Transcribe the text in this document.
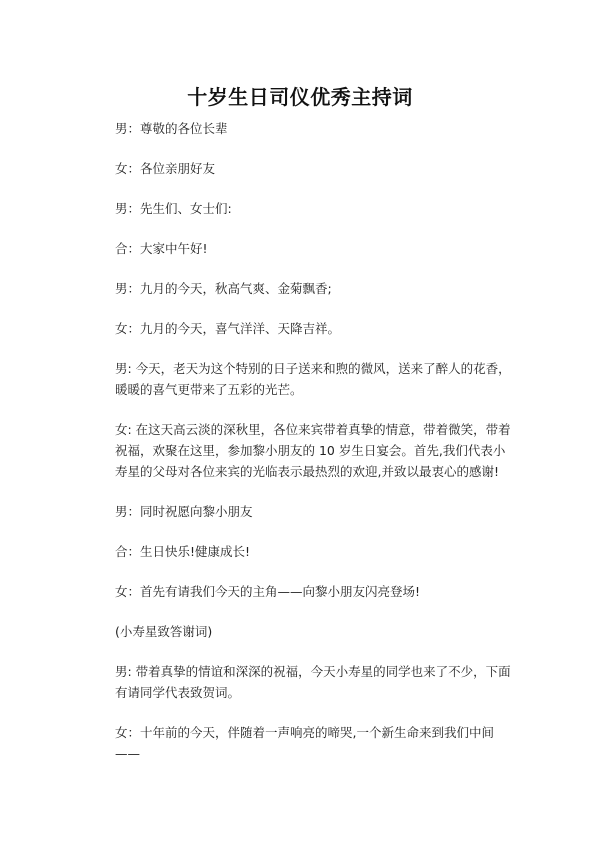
十岁生日司仪优秀主持词

男：尊敬的各位长辈

女：各位亲朋好友

男：先生们、女士们:

合：大家中午好!

男：九月的今天，秋高气爽、金菊飘香;

女：九月的今天，喜气洋洋、天降吉祥。

男: 今天，老天为这个特别的日子送来和煦的微风，送来了醉人的花香，暖暖的喜气更带来了五彩的光芒。

女: 在这天高云淡的深秋里，各位来宾带着真挚的情意，带着微笑，带着祝福，欢聚在这里，参加黎小朋友的 10 岁生日宴会。首先,我们代表小寿星的父母对各位来宾的光临表示最热烈的欢迎,并致以最衷心的感谢!

男：同时祝愿向黎小朋友

合：生日快乐!健康成长!

女：首先有请我们今天的主角——向黎小朋友闪亮登场!

(小寿星致答谢词)

男: 带着真挚的情谊和深深的祝福，今天小寿星的同学也来了不少，下面有请同学代表致贺词。

女：十年前的今天，伴随着一声响亮的啼哭,一个新生命来到我们中间——
